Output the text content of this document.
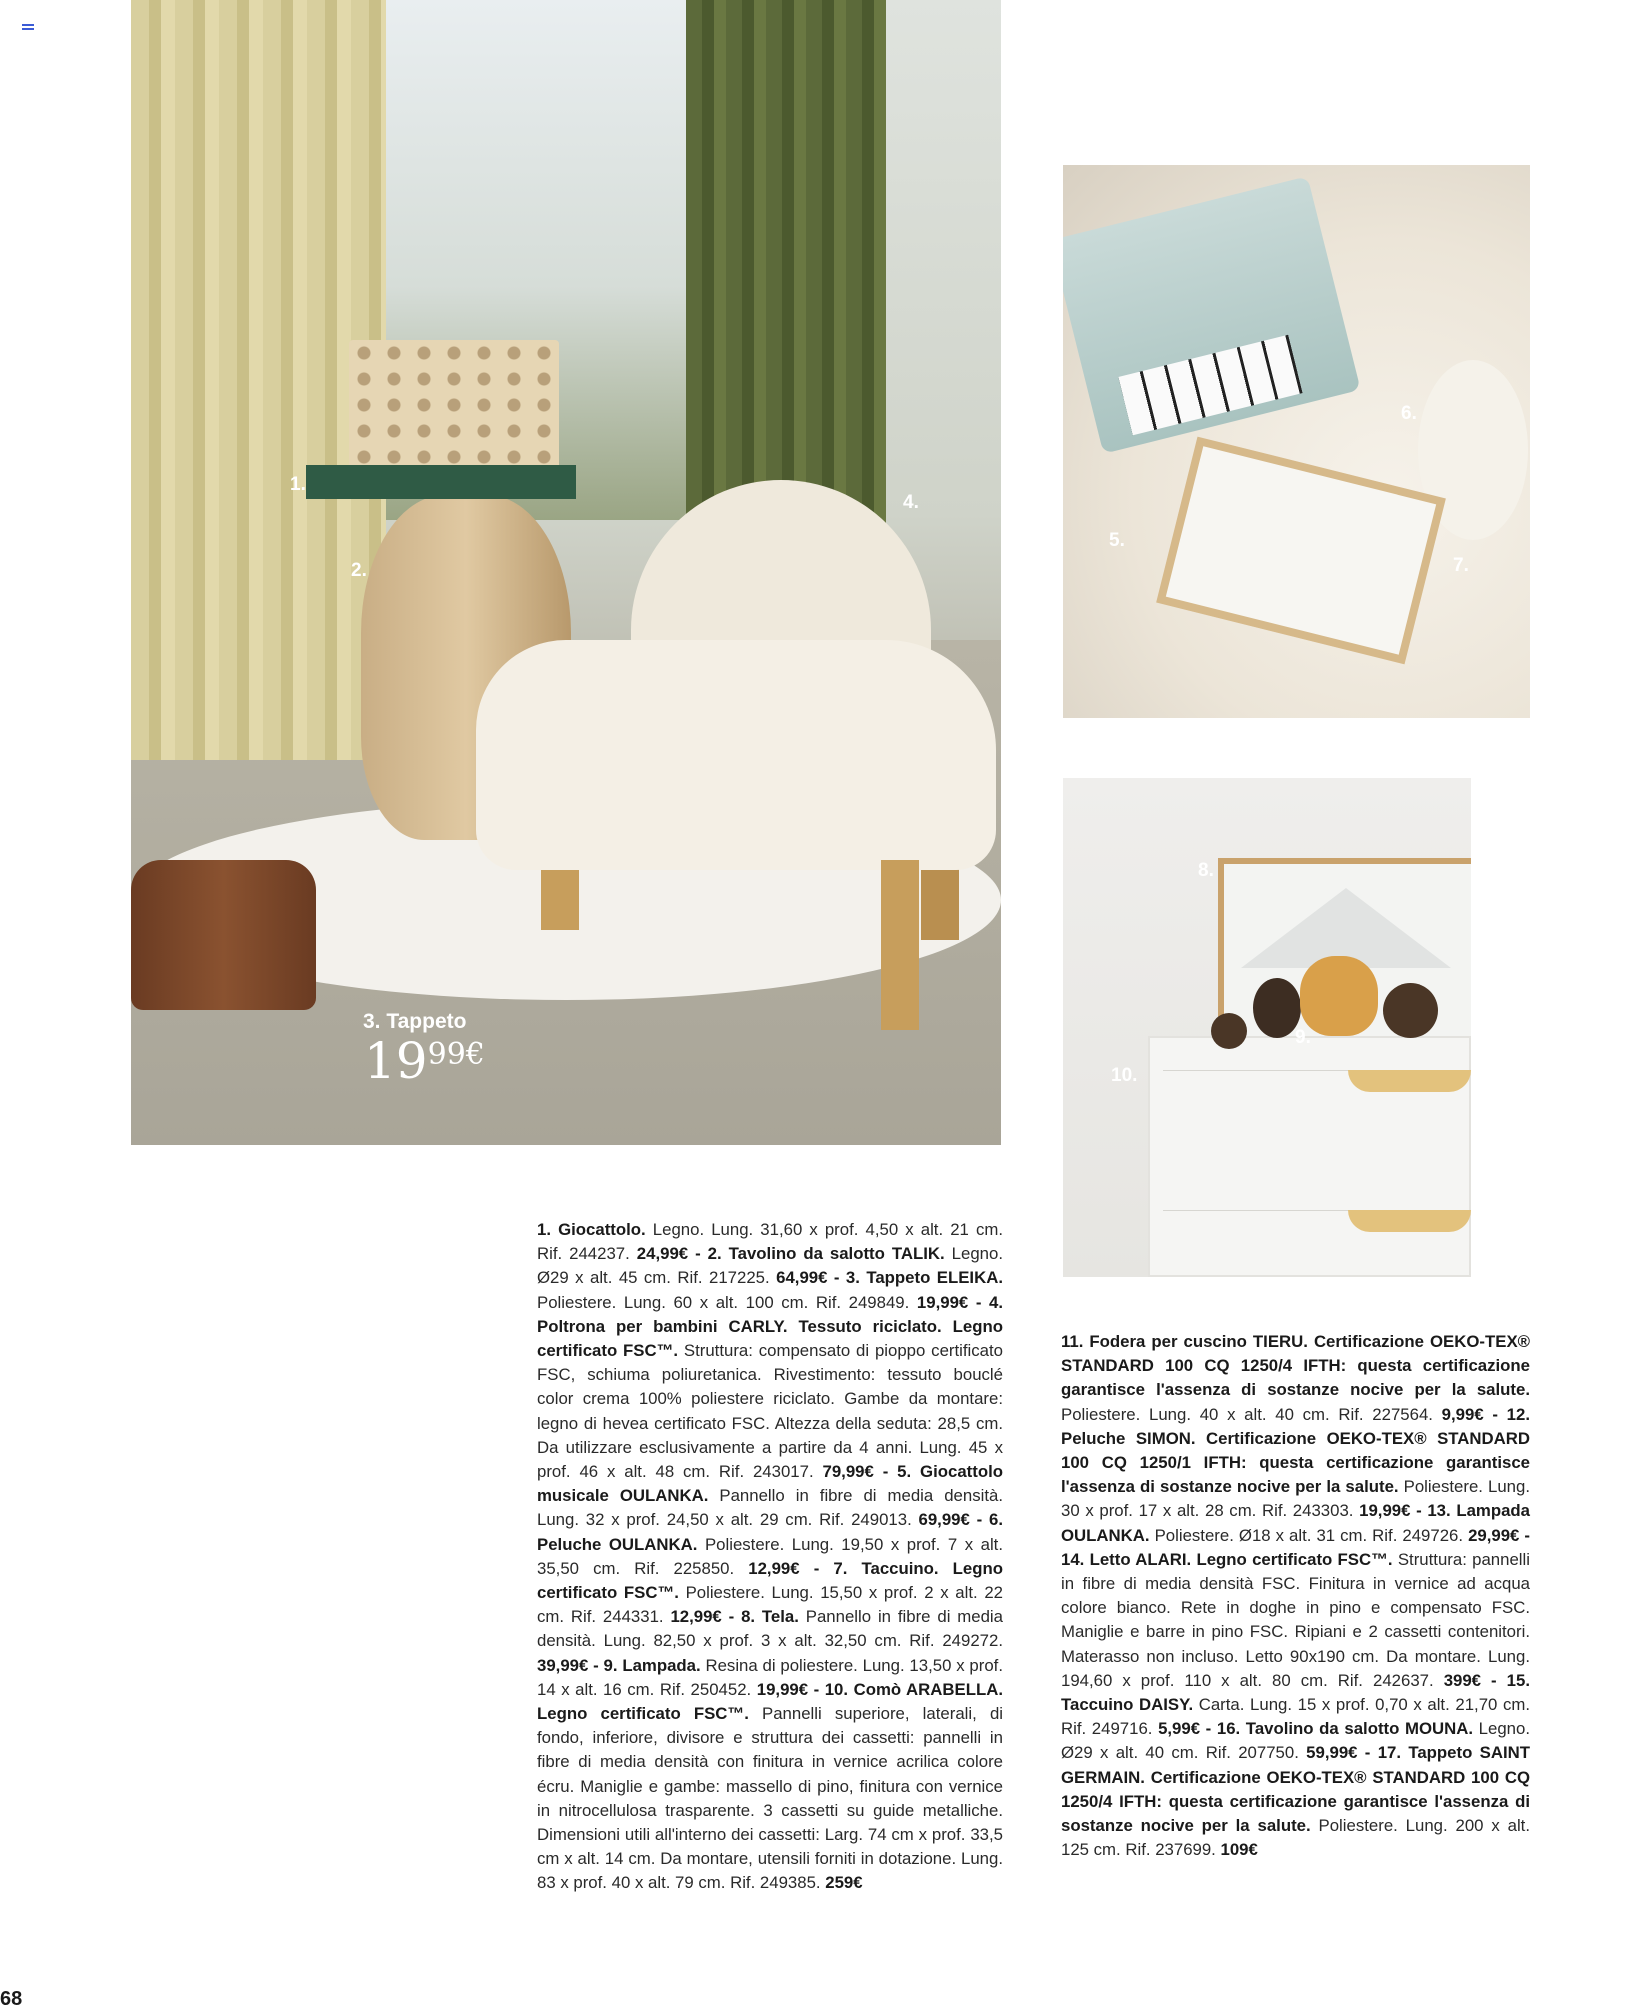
1.
2.
4.
3. Tappeto
$19^{99€}$
5.
6.
7.
8.
9.
10.
1. Giocattolo. Legno. Lung. 31,60 x prof. 4,50 x alt. 21 cm. Rif. 244237. 24,99€ - 2. Tavolino da salotto TALIK. Legno. Ø29 x alt. 45 cm. Rif. 217225. 64,99€ - 3. Tappeto ELEIKA. Poliestere. Lung. 60 x alt. 100 cm. Rif. 249849. 19,99€ - 4. Poltrona per bambini CARLY. Tessuto riciclato. Legno certificato FSC™. Struttura: compensato di pioppo certificato FSC, schiuma poliuretanica. Rivestimento: tessuto bouclé color crema 100% poliestere riciclato. Gambe da montare: legno di hevea certificato FSC. Altezza della seduta: 28,5 cm. Da utilizzare esclusivamente a partire da 4 anni. Lung. 45 x prof. 46 x alt. 48 cm. Rif. 243017. 79,99€ - 5. Giocattolo musicale OULANKA. Pannello in fibre di media densità. Lung. 32 x prof. 24,50 x alt. 29 cm. Rif. 249013. 69,99€ - 6. Peluche OULANKA. Poliestere. Lung. 19,50 x prof. 7 x alt. 35,50 cm. Rif. 225850. 12,99€ - 7. Taccuino. Legno certificato FSC™. Poliestere. Lung. 15,50 x prof. 2 x alt. 22 cm. Rif. 244331. 12,99€ - 8. Tela. Pannello in fibre di media densità. Lung. 82,50 x prof. 3 x alt. 32,50 cm. Rif. 249272. 39,99€ - 9. Lampada. Resina di poliestere. Lung. 13,50 x prof. 14 x alt. 16 cm. Rif. 250452. 19,99€ - 10. Comò ARABELLA. Legno certificato FSC™. Pannelli superiore, laterali, di fondo, inferiore, divisore e struttura dei cassetti: pannelli in fibre di media densità con finitura in vernice acrilica colore écru. Maniglie e gambe: massello di pino, finitura con vernice in nitrocellulosa trasparente. 3 cassetti su guide metalliche. Dimensioni utili all'interno dei cassetti: Larg. 74 cm x prof. 33,5 cm x alt. 14 cm. Da montare, utensili forniti in dotazione. Lung. 83 x prof. 40 x alt. 79 cm. Rif. 249385. 259€
11. Fodera per cuscino TIERU. Certificazione OEKO-TEX® STANDARD 100 CQ 1250/4 IFTH: questa certificazione garantisce l'assenza di sostanze nocive per la salute. Poliestere. Lung. 40 x alt. 40 cm. Rif. 227564. 9,99€ - 12. Peluche SIMON. Certificazione OEKO-TEX® STANDARD 100 CQ 1250/1 IFTH: questa certificazione garantisce l'assenza di sostanze nocive per la salute. Poliestere. Lung. 30 x prof. 17 x alt. 28 cm. Rif. 243303. 19,99€ - 13. Lampada OULANKA. Poliestere. Ø18 x alt. 31 cm. Rif. 249726. 29,99€ - 14. Letto ALARI. Legno certificato FSC™. Struttura: pannelli in fibre di media densità FSC. Finitura in vernice ad acqua colore bianco. Rete in doghe in pino e compensato FSC. Maniglie e barre in pino FSC. Ripiani e 2 cassetti contenitori. Materasso non incluso. Letto 90x190 cm. Da montare. Lung. 194,60 x prof. 110 x alt. 80 cm. Rif. 242637. 399€ - 15. Taccuino DAISY. Carta. Lung. 15 x prof. 0,70 x alt. 21,70 cm. Rif. 249716. 5,99€ - 16. Tavolino da salotto MOUNA. Legno. Ø29 x alt. 40 cm. Rif. 207750. 59,99€ - 17. Tappeto SAINT GERMAIN. Certificazione OEKO-TEX® STANDARD 100 CQ 1250/4 IFTH: questa certificazione garantisce l'assenza di sostanze nocive per la salute. Poliestere. Lung. 200 x alt. 125 cm. Rif. 237699. 109€
68
